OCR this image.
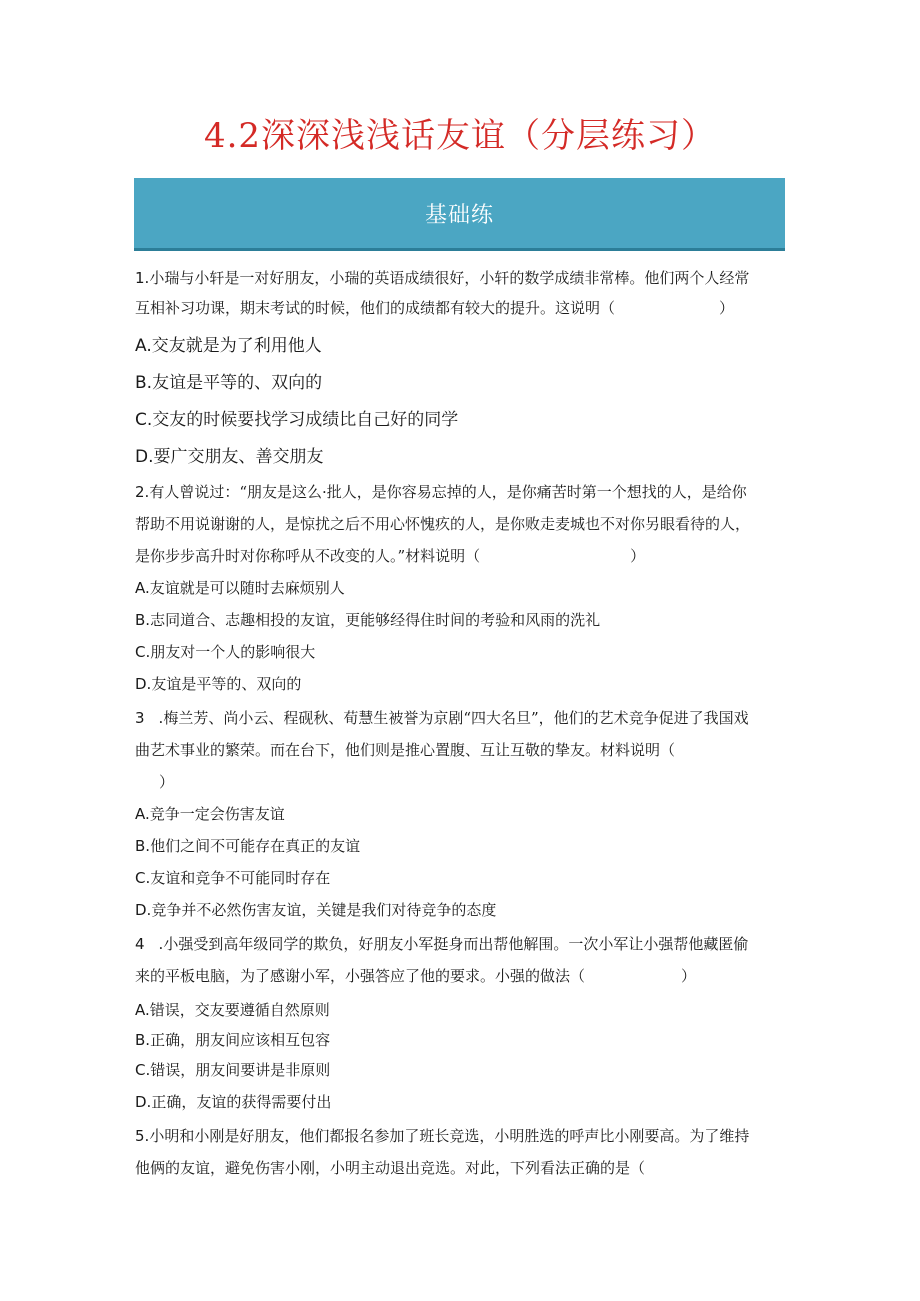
4.2深深浅浅话友谊（分层练习）
基础练
1.小瑞与小轩是一对好朋友，小瑞的英语成绩很好，小轩的数学成绩非常棒。他们两个人经常
互相补习功课，期末考试的时候，他们的成绩都有较大的提升。这说明（	）
A.交友就是为了利用他人
B.友谊是平等的、双向的
C.交友的时候要找学习成绩比自己好的同学
D.要广交朋友、善交朋友
2.有人曾说过：“朋友是这么·批人，是你容易忘掉的人，是你痛苦时第一个想找的人，是给你
帮助不用说谢谢的人，是惊扰之后不用心怀愧疚的人，是你败走麦城也不对你另眼看待的人，
是你步步高升时对你称呼从不改变的人。”材料说明（	）
A.友谊就是可以随时去麻烦别人
B.志同道合、志趣相投的友谊，更能够经得住时间的考验和风雨的洗礼
C.朋友对一个人的影响很大
D.友谊是平等的、双向的
3 .梅兰芳、尚小云、程砚秋、荀慧生被誉为京剧“四大名旦”，他们的艺术竞争促进了我国戏
曲艺术事业的繁荣。而在台下，他们则是推心置腹、互让互敬的挚友。材料说明（
）
A.竞争一定会伤害友谊
B.他们之间不可能存在真正的友谊
C.友谊和竞争不可能同时存在
D.竞争并不必然伤害友谊，关键是我们对待竞争的态度
4 .小强受到高年级同学的欺负，好朋友小军挺身而出帮他解围。一次小军让小强帮他藏匿偷
来的平板电脑，为了感谢小军，小强答应了他的要求。小强的做法（	）
A.错误，交友要遵循自然原则
B.正确，朋友间应该相互包容
C.错误，朋友间要讲是非原则
D.正确，友谊的获得需要付出
5.小明和小刚是好朋友，他们都报名参加了班长竞选，小明胜选的呼声比小刚要高。为了维持
他俩的友谊，避免伤害小刚，小明主动退出竞选。对此，下列看法正确的是（
